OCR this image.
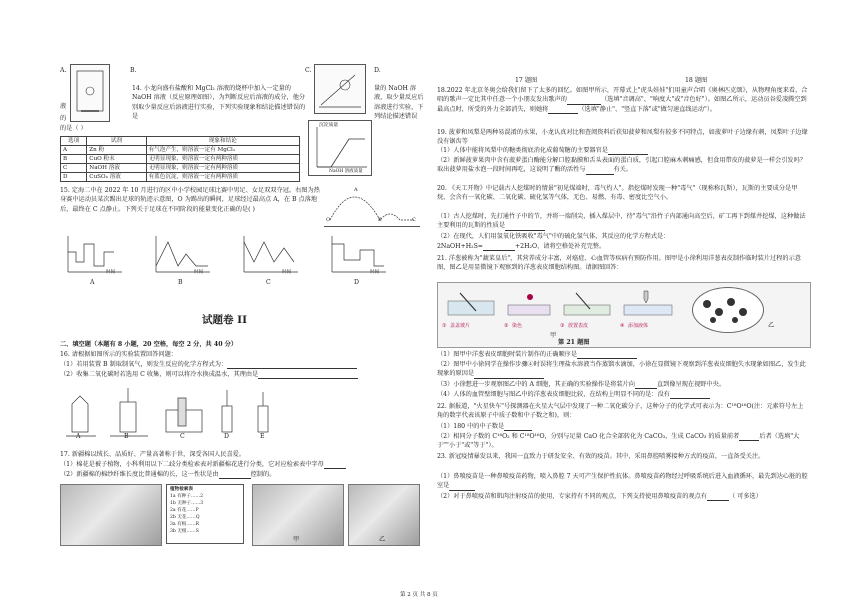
A.	B.	C.	D.
液
的
的是（ ）

量的 NaOH 溶液，取少量反应后溶液进行实验，下列结论描述错误

14. 小龙向盛有盐酸和 MgCl₂ 溶液的烧杯中加入一定量的 NaOH 溶液（反应原理如图），为判断反应后溶液的成分，他分别取少量反应后溶液进行实验，下列实验现象和结论描述错误的是

选项	试剂	现象和结论
A	Zn 粉	有气泡产生，则溶液一定有 MgCl₂
B	CuO 粉末	无明显现象，则溶液一定有两种溶质
C	NaOH 溶液	无明显现象，则溶液一定有两种溶质
D	CuSO₄ 溶液	有蓝色沉淀，则溶液一定有两种溶质
沉淀质量
NaOH 溶液质量

15. 定海二中在 2022 年 10 月进行的区中小学校园足球比赛中男足、女足双双夺冠。右图为热身赛中运动员某次踢出足球的轨迹示意图，O 为踢出的瞬间，足球经过最高点 A，在 B 点落地后，最终在 C 点静止。下列关于足球在不同阶段的能量变化正确的是( )

O
A
B	C
A
时间
B
时间
C
时间
D
时间
试题卷 II

二、填空题（本题有 8 小题，20 空格，每空 2 分，共 40 分）

16. 请根据如图所示的实验装置回答问题：

（1）若用装置 B 制取制氧气，则发生反应的化学方程式为：

（2）收集二氧化碳时若选用 C 收集，则可以将冷水换成温水，其理由是

A	B	C	D	E

17. 新疆棉以绒长、品质好、产量高著称于世，深受各国人民喜爱。

（1）棉花是被子植物，小科利用以下二歧分类检索表对新疆棉花进行分类，它对应检索表中字母

（2）新疆棉的棉纱纤维长度比普通棉的长，这一性状是由	控制的。

植物检索表
1a 有种子……2
1b 无种子……3
2a 有花……P
2b 无花……Q
3a 有根……R
3b 无根……S
甲	乙
17 题图	18 题图

18.2022 年北京冬奥会给我们留下了太多的回忆。如图甲所示，开幕式上"虎头娃娃"们用童声合唱《奥林匹克颂》，从物理角度来看，合唱的歌声一定比其中任意一个小朋友发出歌声的	（选填"音调高"、"响度大"或"音色好"）。如图乙所示，运动员谷爱凌腾空到最高点时，所受的外力全部消失，则她将	（选填"静止"、"竖直下落"或"做匀速直线运动"）。

19. 菠萝和凤梨是两种易混淆的水果，小龙认真对比和查阅资料后获知菠萝和凤梨有较多不同特点，如菠萝叶子边缘有刺，凤梨叶子边缘没有锯齿等

（1）人体中能将凤梨中的糖类彻底消化成葡萄糖的主要器官是

（2）新鲜菠萝果肉中含有菠萝蛋白酶能分解口腔黏膜和舌头表面的蛋白质，引起口腔麻木刺痛感，但食用带皮的菠萝是一样会引发吗？取出菠萝用盐水泡一段时间再吃，这说明了酶的活性与	有关。

20. 《天工开物》中记载古人挖煤时的情景"初见煤端时，毒气灼人"。指挖煤时发现一种"毒气"（现称称瓦斯），瓦斯的主要成分是甲烷，会含有一氧化碳、二氧化碳、硫化氢等气体，无色、易燃、有毒、密度比空气小。

（1）古人挖煤时，先打通竹子中的节，并将一端削尖，插入煤层中，待"毒气"沿竹子内部通向高空后，矿工再下到煤井挖煤，这种做法主要利用的瓦斯的性质是

（2）在现代，人们用氢氧化铁吸收"毒气"中的硫化氢气体，其反应的化学方程式是：

2NaOH+H₂S=	+2H₂O，请将空格处补充完整。

21. 洋葱被称为"蔬菜皇后"，其营养成分丰富，对癌症、心血管等疾病有预防作用。图甲是小徐利用洋葱表皮制作临时装片过程的示意图，图乙是用显微镜下观察到的洋葱表皮细胞结构图。请据图回答：

① 盖盖玻片	② 染色	③ 放置表皮	④ 添加液体
甲
乙
第 21 题图

（1）图甲中洋葱表皮细胞时装片制作的正确顺序是

（2）图甲中小徐同学在操作步骤④时误将生理盐水溶液当作蒸馏水滴加，小徐在显微镜下观察到洋葱表皮细胞失水现象如图乙，发生此现象的原因是

（3）小徐想进一步观察图乙中的 A 细胞，其正确的实验操作是将装片向	直到像呈现在视野中央。

（4）人体的血管壁细胞与图乙中的洋葱表皮细胞比较，在结构上明显不同的是：没有

22. 据报道，"火星快车"号探测器在火星大气层中发现了一种二氧化碳分子，这种分子的化学式可表示为：C¹⁸O¹⁶O(注：元素符号左上角的数字代表该原子中质子数和中子数之和)，则：

（1）180 中的中子数是

（2）相同分子数的 C¹⁶O₂ 和 C¹⁸O¹⁶O，分别与足量 CaO 化合全部转化为 CaCO₃，生成 CaCO₃ 的质量前者	后者（选填"大于""小于"或"等于"）。

23. 新冠疫情暴发以来，我国一直致力于研发安全、有效的疫苗。其中，采用鼻腔喷雾接种方式的疫苗，一直备受关注。

（1）鼻喷疫苗是一种鼻喷疫苗药物，喷入鼻腔 7 天可产生保护性抗体。鼻喷疫苗药物经过呼吸系统后进入血液循环，最先到达心脏的腔室是

（2）对于鼻喷疫苗和肌肉注射疫苗的使用，专家持有不同的观点，下列支持使用鼻喷疫苗的观点有	（ 可多选）

第 2 页 共 8 页
